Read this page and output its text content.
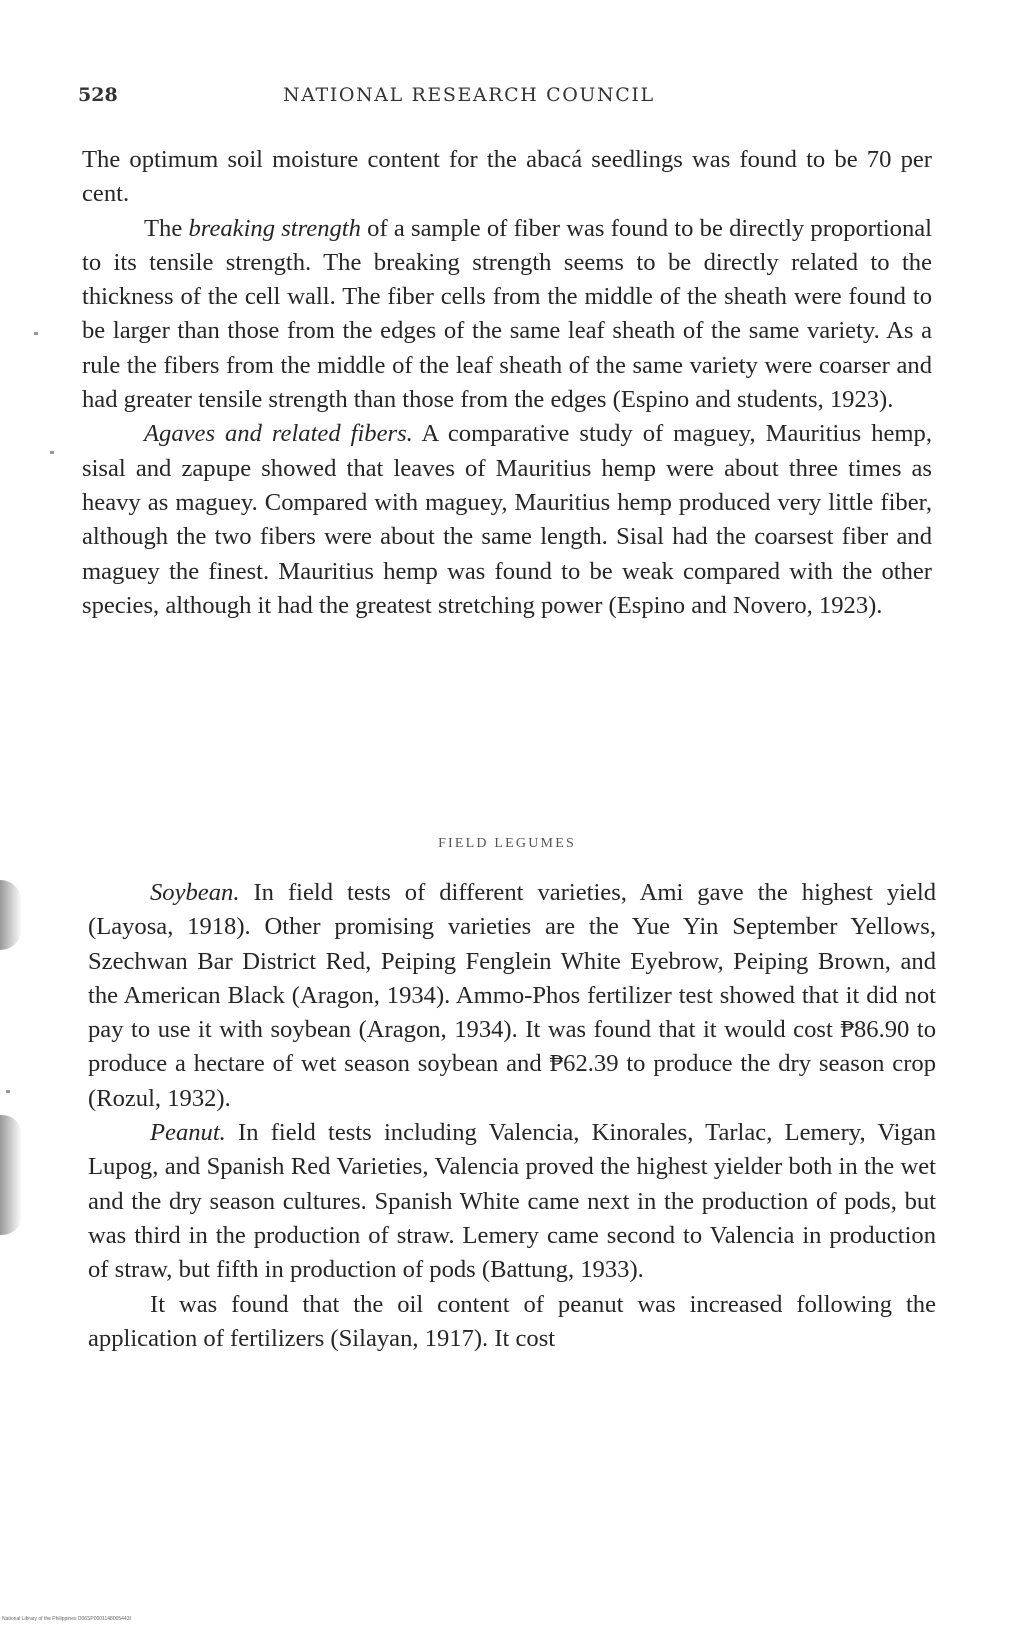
528	NATIONAL RESEARCH COUNCIL

The optimum soil moisture content for the abacá seedlings was found to be 70 per cent.

The breaking strength of a sample of fiber was found to be directly proportional to its tensile strength. The breaking strength seems to be directly related to the thickness of the cell wall. The fiber cells from the middle of the sheath were found to be larger than those from the edges of the same leaf sheath of the same variety. As a rule the fibers from the middle of the leaf sheath of the same variety were coarser and had greater tensile strength than those from the edges (Espino and students, 1923).

Agaves and related fibers. A comparative study of maguey, Mauritius hemp, sisal and zapupe showed that leaves of Mauritius hemp were about three times as heavy as maguey. Compared with maguey, Mauritius hemp produced very little fiber, although the two fibers were about the same length. Sisal had the coarsest fiber and maguey the finest. Mauritius hemp was found to be weak compared with the other species, although it had the greatest stretching power (Espino and Novero, 1923).

FIELD LEGUMES

Soybean. In field tests of different varieties, Ami gave the highest yield (Layosa, 1918). Other promising varieties are the Yue Yin September Yellows, Szechwan Bar District Red, Peiping Fenglein White Eyebrow, Peiping Brown, and the American Black (Aragon, 1934). Ammo-Phos fertilizer test showed that it did not pay to use it with soybean (Aragon, 1934). It was found that it would cost ₱86.90 to produce a hectare of wet season soybean and ₱62.39 to produce the dry season crop (Rozul, 1932).

Peanut. In field tests including Valencia, Kinorales, Tarlac, Lemery, Vigan Lupog, and Spanish Red Varieties, Valencia proved the highest yielder both in the wet and the dry season cultures. Spanish White came next in the production of pods, but was third in the production of straw. Lemery came second to Valencia in production of straw, but fifth in production of pods (Battung, 1933).

It was found that the oil content of peanut was increased following the application of fertilizers (Silayan, 1917). It cost

National Library of the Philippines D06SP0001148005443I
